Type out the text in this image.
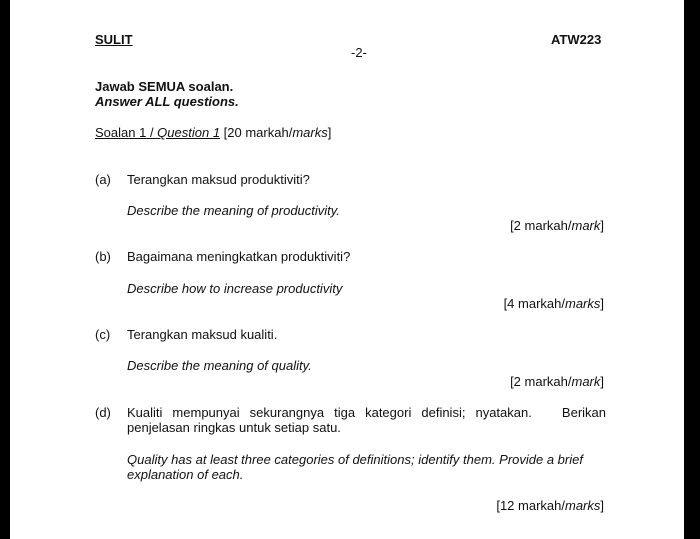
SULIT	ATW223
-2-
Jawab SEMUA soalan.
Answer ALL questions.
Soalan 1 / Question 1 [20 markah/marks]
(a) Terangkan maksud produktiviti?
Describe the meaning of productivity.
[2 markah/mark]
(b) Bagaimana meningkatkan produktiviti?
Describe how to increase productivity
[4 markah/marks]
(c) Terangkan maksud kualiti.
Describe the meaning of quality.
[2 markah/mark]
(d) Kualiti mempunyai sekurangnya tiga kategori definisi; nyatakan.   Berikan penjelasan ringkas untuk setiap satu.
Quality has at least three categories of definitions; identify them. Provide a brief explanation of each.
[12 markah/marks]
